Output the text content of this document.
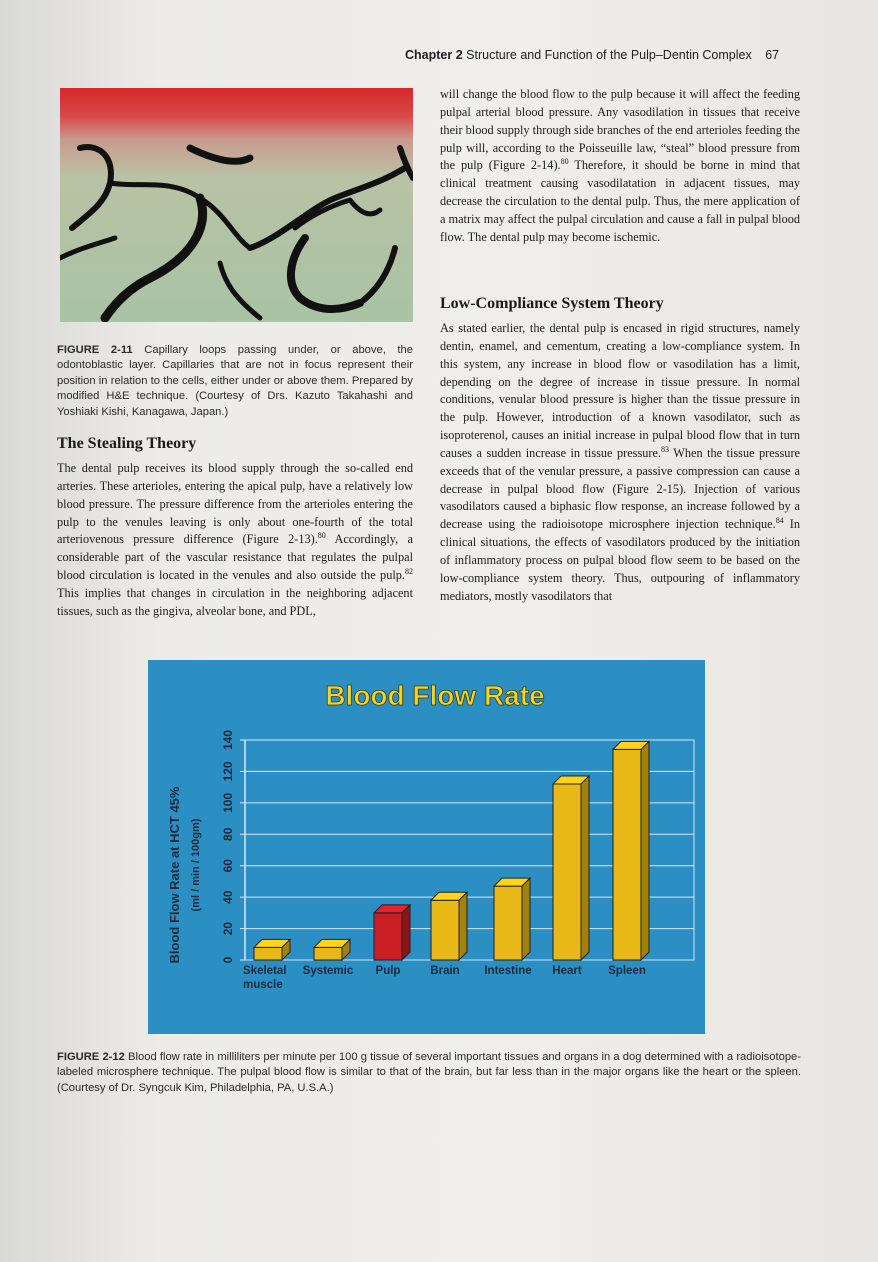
Chapter 2 Structure and Function of the Pulp–Dentin Complex 67
FIGURE 2-11 Capillary loops passing under, or above, the odontoblastic layer. Capillaries that are not in focus represent their position in relation to the cells, either under or above them. Prepared by modified H&E technique. (Courtesy of Drs. Kazuto Takahashi and Yoshiaki Kishi, Kanagawa, Japan.)
The Stealing Theory
The dental pulp receives its blood supply through the so-called end arteries. These arterioles, entering the apical pulp, have a relatively low blood pressure. The pressure difference from the arterioles entering the pulp to the venules leaving is only about one-fourth of the total arteriovenous pressure difference (Figure 2-13).$^{80}$ Accordingly, a considerable part of the vascular resistance that regulates the pulpal blood circulation is located in the venules and also outside the pulp.$^{82}$ This implies that changes in circulation in the neighboring adjacent tissues, such as the gingiva, alveolar bone, and PDL,
will change the blood flow to the pulp because it will affect the feeding pulpal arterial blood pressure. Any vasodilation in tissues that receive their blood supply through side branches of the end arterioles feeding the pulp will, according to the Poisseuille law, “steal” blood pressure from the pulp (Figure 2-14).$^{80}$ Therefore, it should be borne in mind that clinical treatment causing vasodilatation in adjacent tissues, may decrease the circulation to the dental pulp. Thus, the mere application of a matrix may affect the pulpal circulation and cause a fall in pulpal blood flow. The dental pulp may become ischemic.
Low-Compliance System Theory
As stated earlier, the dental pulp is encased in rigid structures, namely dentin, enamel, and cementum, creating a low-compliance system. In this system, any increase in blood flow or vasodilation has a limit, depending on the degree of increase in tissue pressure. In normal conditions, venular blood pressure is higher than the tissue pressure in the pulp. However, introduction of a known vasodilator, such as isoproterenol, causes an initial increase in pulpal blood flow that in turn causes a sudden increase in tissue pressure.$^{83}$ When the tissue pressure exceeds that of the venular pressure, a passive compression can cause a decrease in pulpal blood flow (Figure 2-15). Injection of various vasodilators caused a biphasic flow response, an increase followed by a decrease using the radioisotope microsphere injection technique.$^{84}$ In clinical situations, the effects of vasodilators produced by the initiation of inflammatory process on pulpal blood flow seem to be based on the low-compliance system theory. Thus, outpouring of inflammatory mediators, mostly vasodilators that
Blood Flow Rate
Blood Flow Rate at HCT 45% (ml / min / 100gm)
0
20
40
60
80
100
120
140
Skeletal
muscle
Systemic Pulp	Brain Intestine Heart Spleen
FIGURE 2-12 Blood flow rate in milliliters per minute per 100 g tissue of several important tissues and organs in a dog determined with a radioisotope-labeled microsphere technique. The pulpal blood flow is similar to that of the brain, but far less than in the major organs like the heart or the spleen. (Courtesy of Dr. Syngcuk Kim, Philadelphia, PA, U.S.A.)
